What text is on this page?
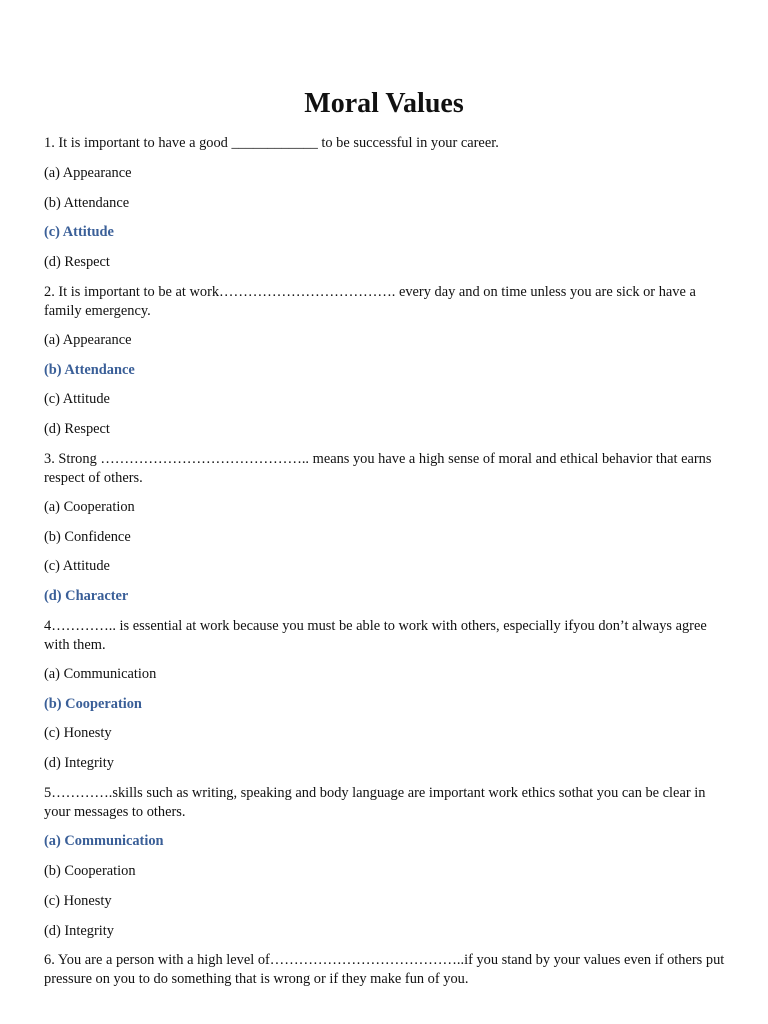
Moral Values
1. It is important to have a good ____________ to be successful in your career.
(a) Appearance
(b) Attendance
(c) Attitude
(d) Respect
2. It is important to be at work………………………………. every day and on time unless you are sick or have a family emergency.
(a) Appearance
(b) Attendance
(c) Attitude
(d) Respect
3. Strong …………………………………….. means you have a high sense of moral and ethical behavior that earns respect of others.
(a) Cooperation
(b) Confidence
(c) Attitude
(d) Character
4………….. is essential at work because you must be able to work with others, especially ifyou don’t always agree with them.
(a) Communication
(b) Cooperation
(c) Honesty
(d) Integrity
5………….skills such as writing, speaking and body language are important work ethics sothat you can be clear in your messages to others.
(a) Communication
(b) Cooperation
(c) Honesty
(d) Integrity
6. You are a person with a high level of…………………………………..if you stand by your values even if others put pressure on you to do something that is wrong or if they make fun of you.
